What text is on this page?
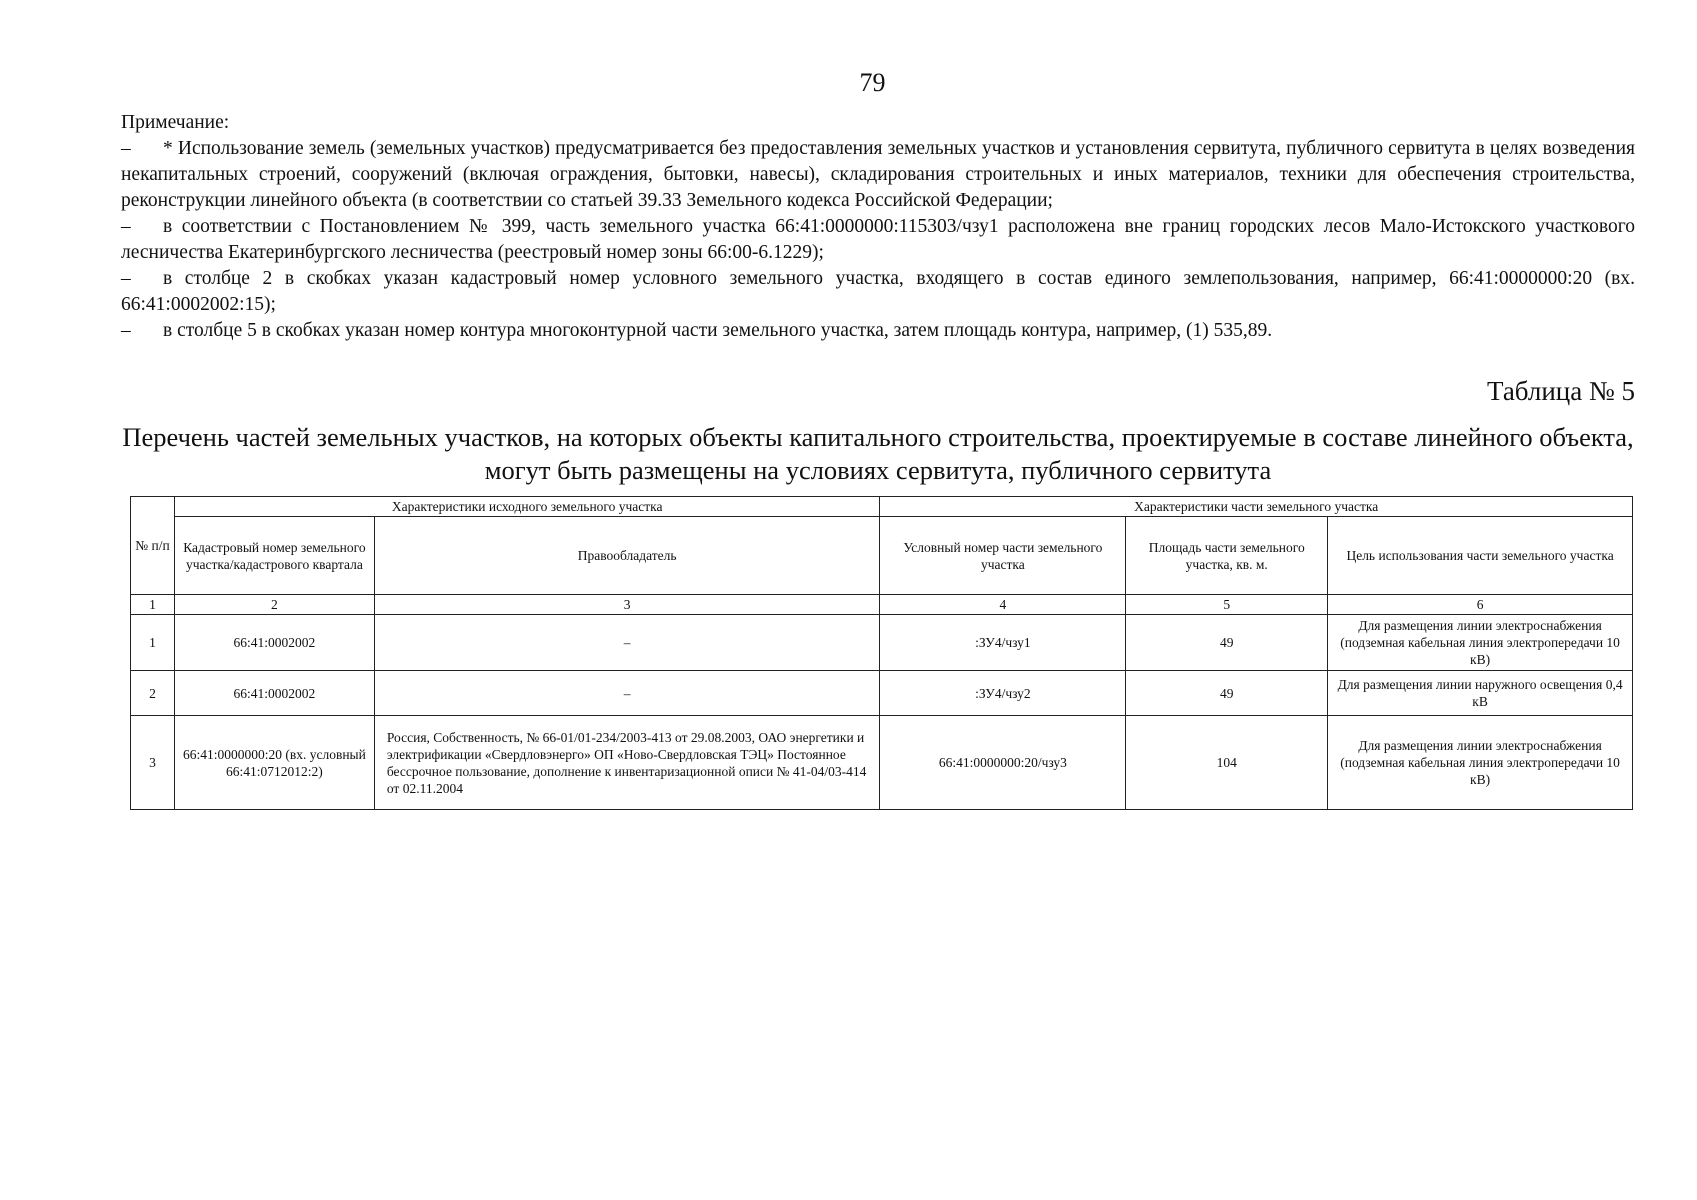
79

Примечание:

– * Использование земель (земельных участков) предусматривается без предоставления земельных участков и установления сервитута, публичного сервитута в целях возведения некапитальных строений, сооружений (включая ограждения, бытовки, навесы), складирования строительных и иных материалов, техники для обеспечения строительства, реконструкции линейного объекта (в соответствии со статьей 39.33 Земельного кодекса Российской Федерации;

– в соответствии с Постановлением № 399, часть земельного участка 66:41:0000000:115303/чзу1 расположена вне границ городских лесов Мало-Истокского участкового лесничества Екатеринбургского лесничества (реестровый номер зоны 66:00-6.1229);

– в столбце 2 в скобках указан кадастровый номер условного земельного участка, входящего в состав единого землепользования, например, 66:41:0000000:20 (вх. 66:41:0002002:15);

– в столбце 5 в скобках указан номер контура многоконтурной части земельного участка, затем площадь контура, например, (1) 535,89.

Таблица № 5
Перечень частей земельных участков, на которых объекты капитального строительства, проектируемые в составе линейного объекта, могут быть размещены на условиях сервитута, публичного сервитута
№ п/п	Характеристики исходного земельного участка		Характеристики части земельного участка		
	Кадастровый номер земельного участка/кадастрового квартала	Правообладатель	Условный номер части земельного участка	Площадь части земельного участка, кв. м.	Цель использования части земельного участка
1	2	3	4	5	6
1	66:41:0002002	–	:ЗУ4/чзу1	49	Для размещения линии электроснабжения (подземная кабельная линия электропередачи 10 кВ)
2	66:41:0002002	–	:ЗУ4/чзу2	49	Для размещения линии наружного освещения 0,4 кВ
3	66:41:0000000:20 (вх. условный 66:41:0712012:2)	Россия, Собственность, № 66-01/01-234/2003-413 от 29.08.2003, ОАО энергетики и электрификации «Свердловэнерго» ОП «Ново-Свердловская ТЭЦ» Постоянное бессрочное пользование, дополнение к инвентаризационной описи № 41-04/03-414 от 02.11.2004	66:41:0000000:20/чзу3	104	Для размещения линии электроснабжения (подземная кабельная линия электропередачи 10 кВ)
